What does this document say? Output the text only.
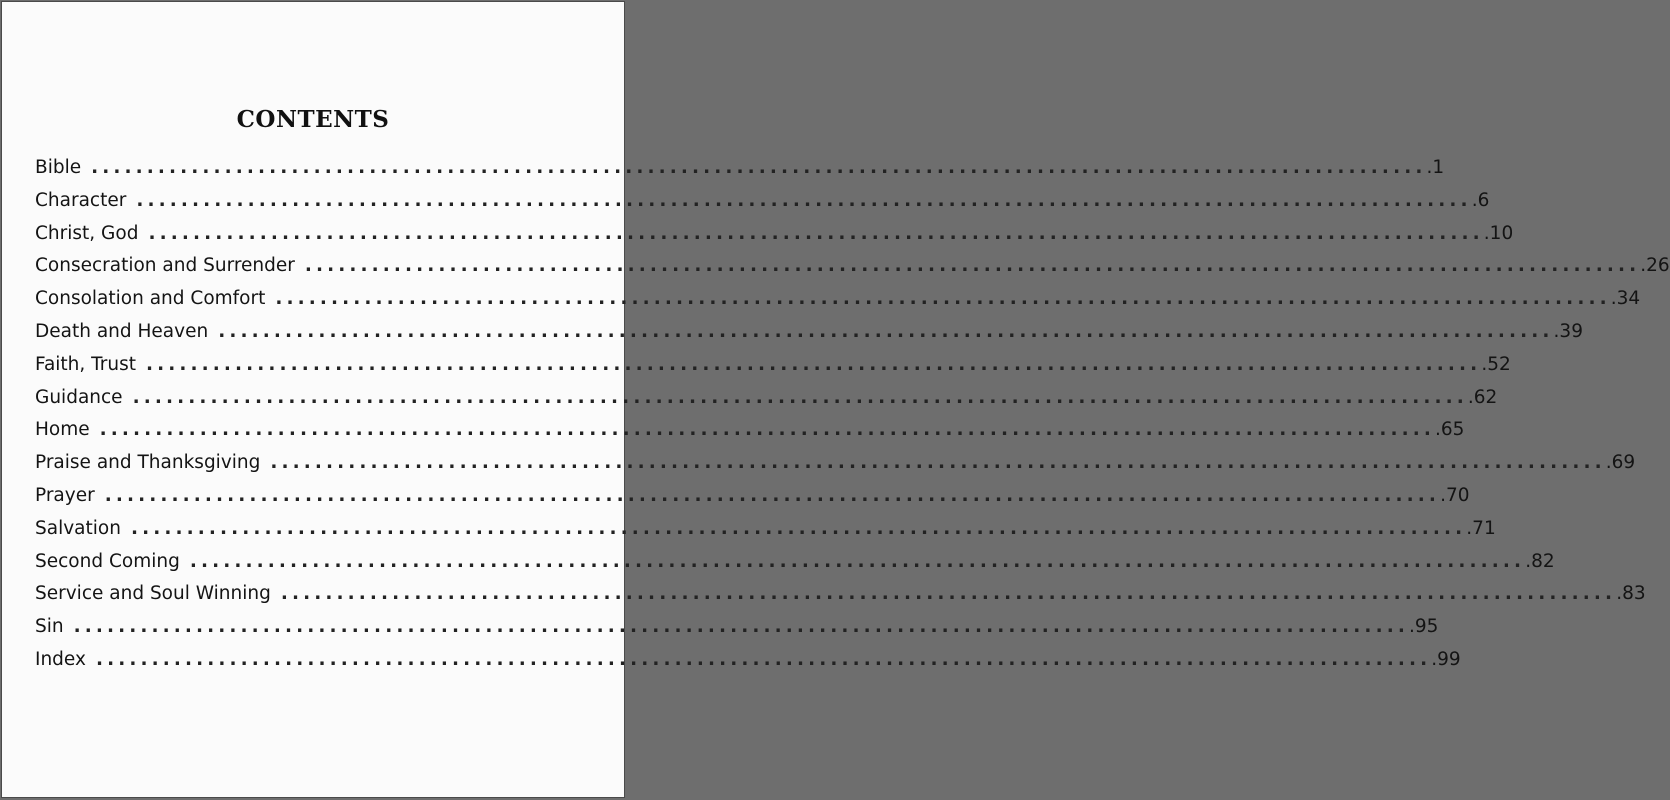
CONTENTS
Bible ........................................................................................................................ .1
Character ........................................................................................................................ .6
Christ, God ........................................................................................................................ .10
Consecration and Surrender ........................................................................................................................ .26
Consolation and Comfort ........................................................................................................................ .34
Death and Heaven ........................................................................................................................ .39
Faith, Trust ........................................................................................................................ .52
Guidance ........................................................................................................................ .62
Home ........................................................................................................................ .65
Praise and Thanksgiving ........................................................................................................................ .69
Prayer ........................................................................................................................ .70
Salvation ........................................................................................................................ .71
Second Coming ........................................................................................................................ .82
Service and Soul Winning ........................................................................................................................ .83
Sin ........................................................................................................................ .95
Index ........................................................................................................................ .99
